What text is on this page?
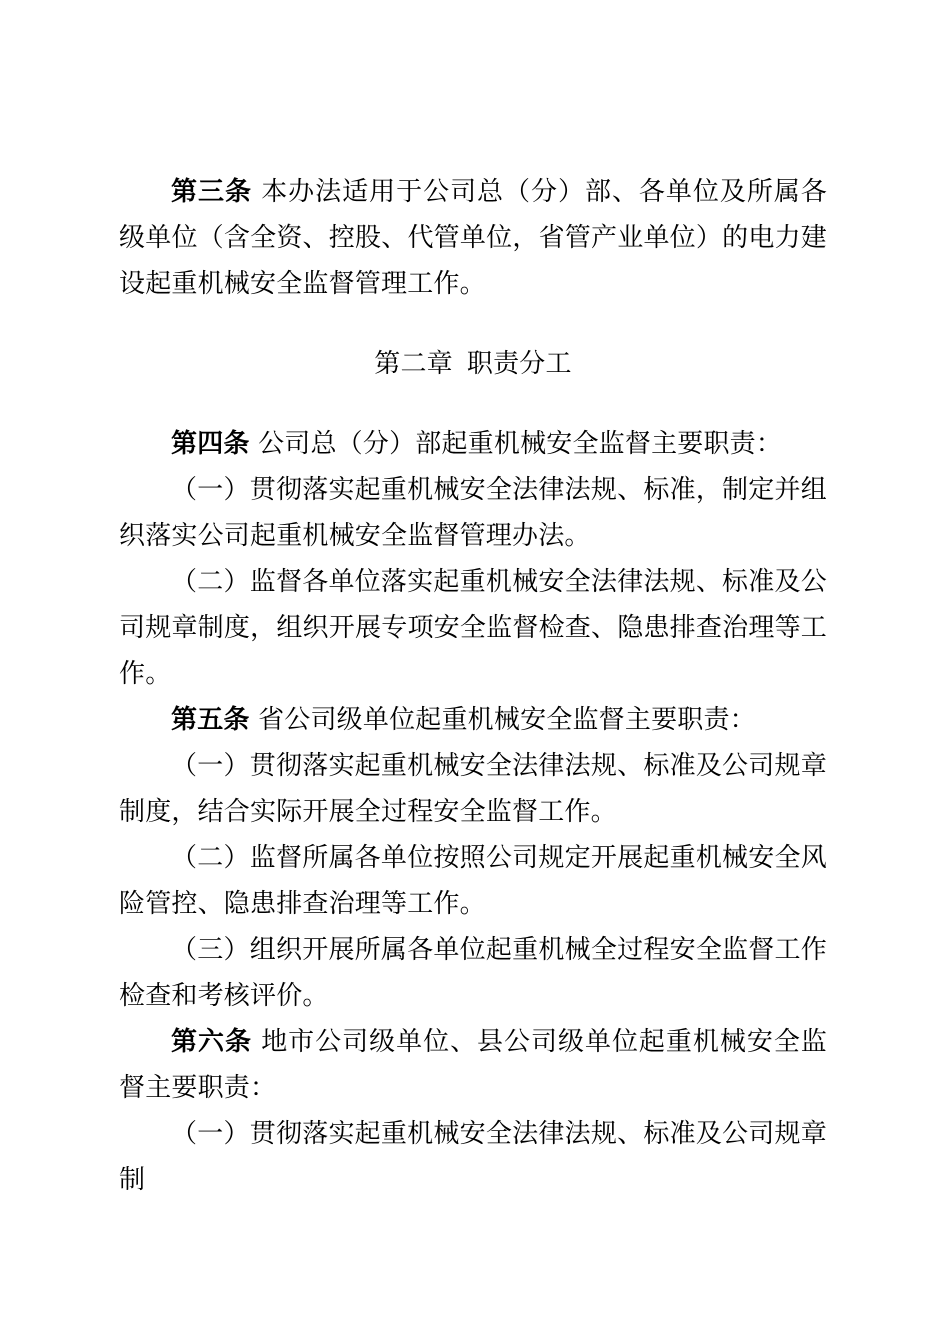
第三条 本办法适用于公司总（分）部、各单位及所属各级单位（含全资、控股、代管单位，省管产业单位）的电力建设起重机械安全监督管理工作。

第二章 职责分工

第四条 公司总（分）部起重机械安全监督主要职责：

（一）贯彻落实起重机械安全法律法规、标准，制定并组织落实公司起重机械安全监督管理办法。

（二）监督各单位落实起重机械安全法律法规、标准及公司规章制度，组织开展专项安全监督检查、隐患排查治理等工作。

第五条 省公司级单位起重机械安全监督主要职责：

（一）贯彻落实起重机械安全法律法规、标准及公司规章制度，结合实际开展全过程安全监督工作。

（二）监督所属各单位按照公司规定开展起重机械安全风险管控、隐患排查治理等工作。

（三）组织开展所属各单位起重机械全过程安全监督工作检查和考核评价。

第六条 地市公司级单位、县公司级单位起重机械安全监督主要职责：

（一）贯彻落实起重机械安全法律法规、标准及公司规章制
